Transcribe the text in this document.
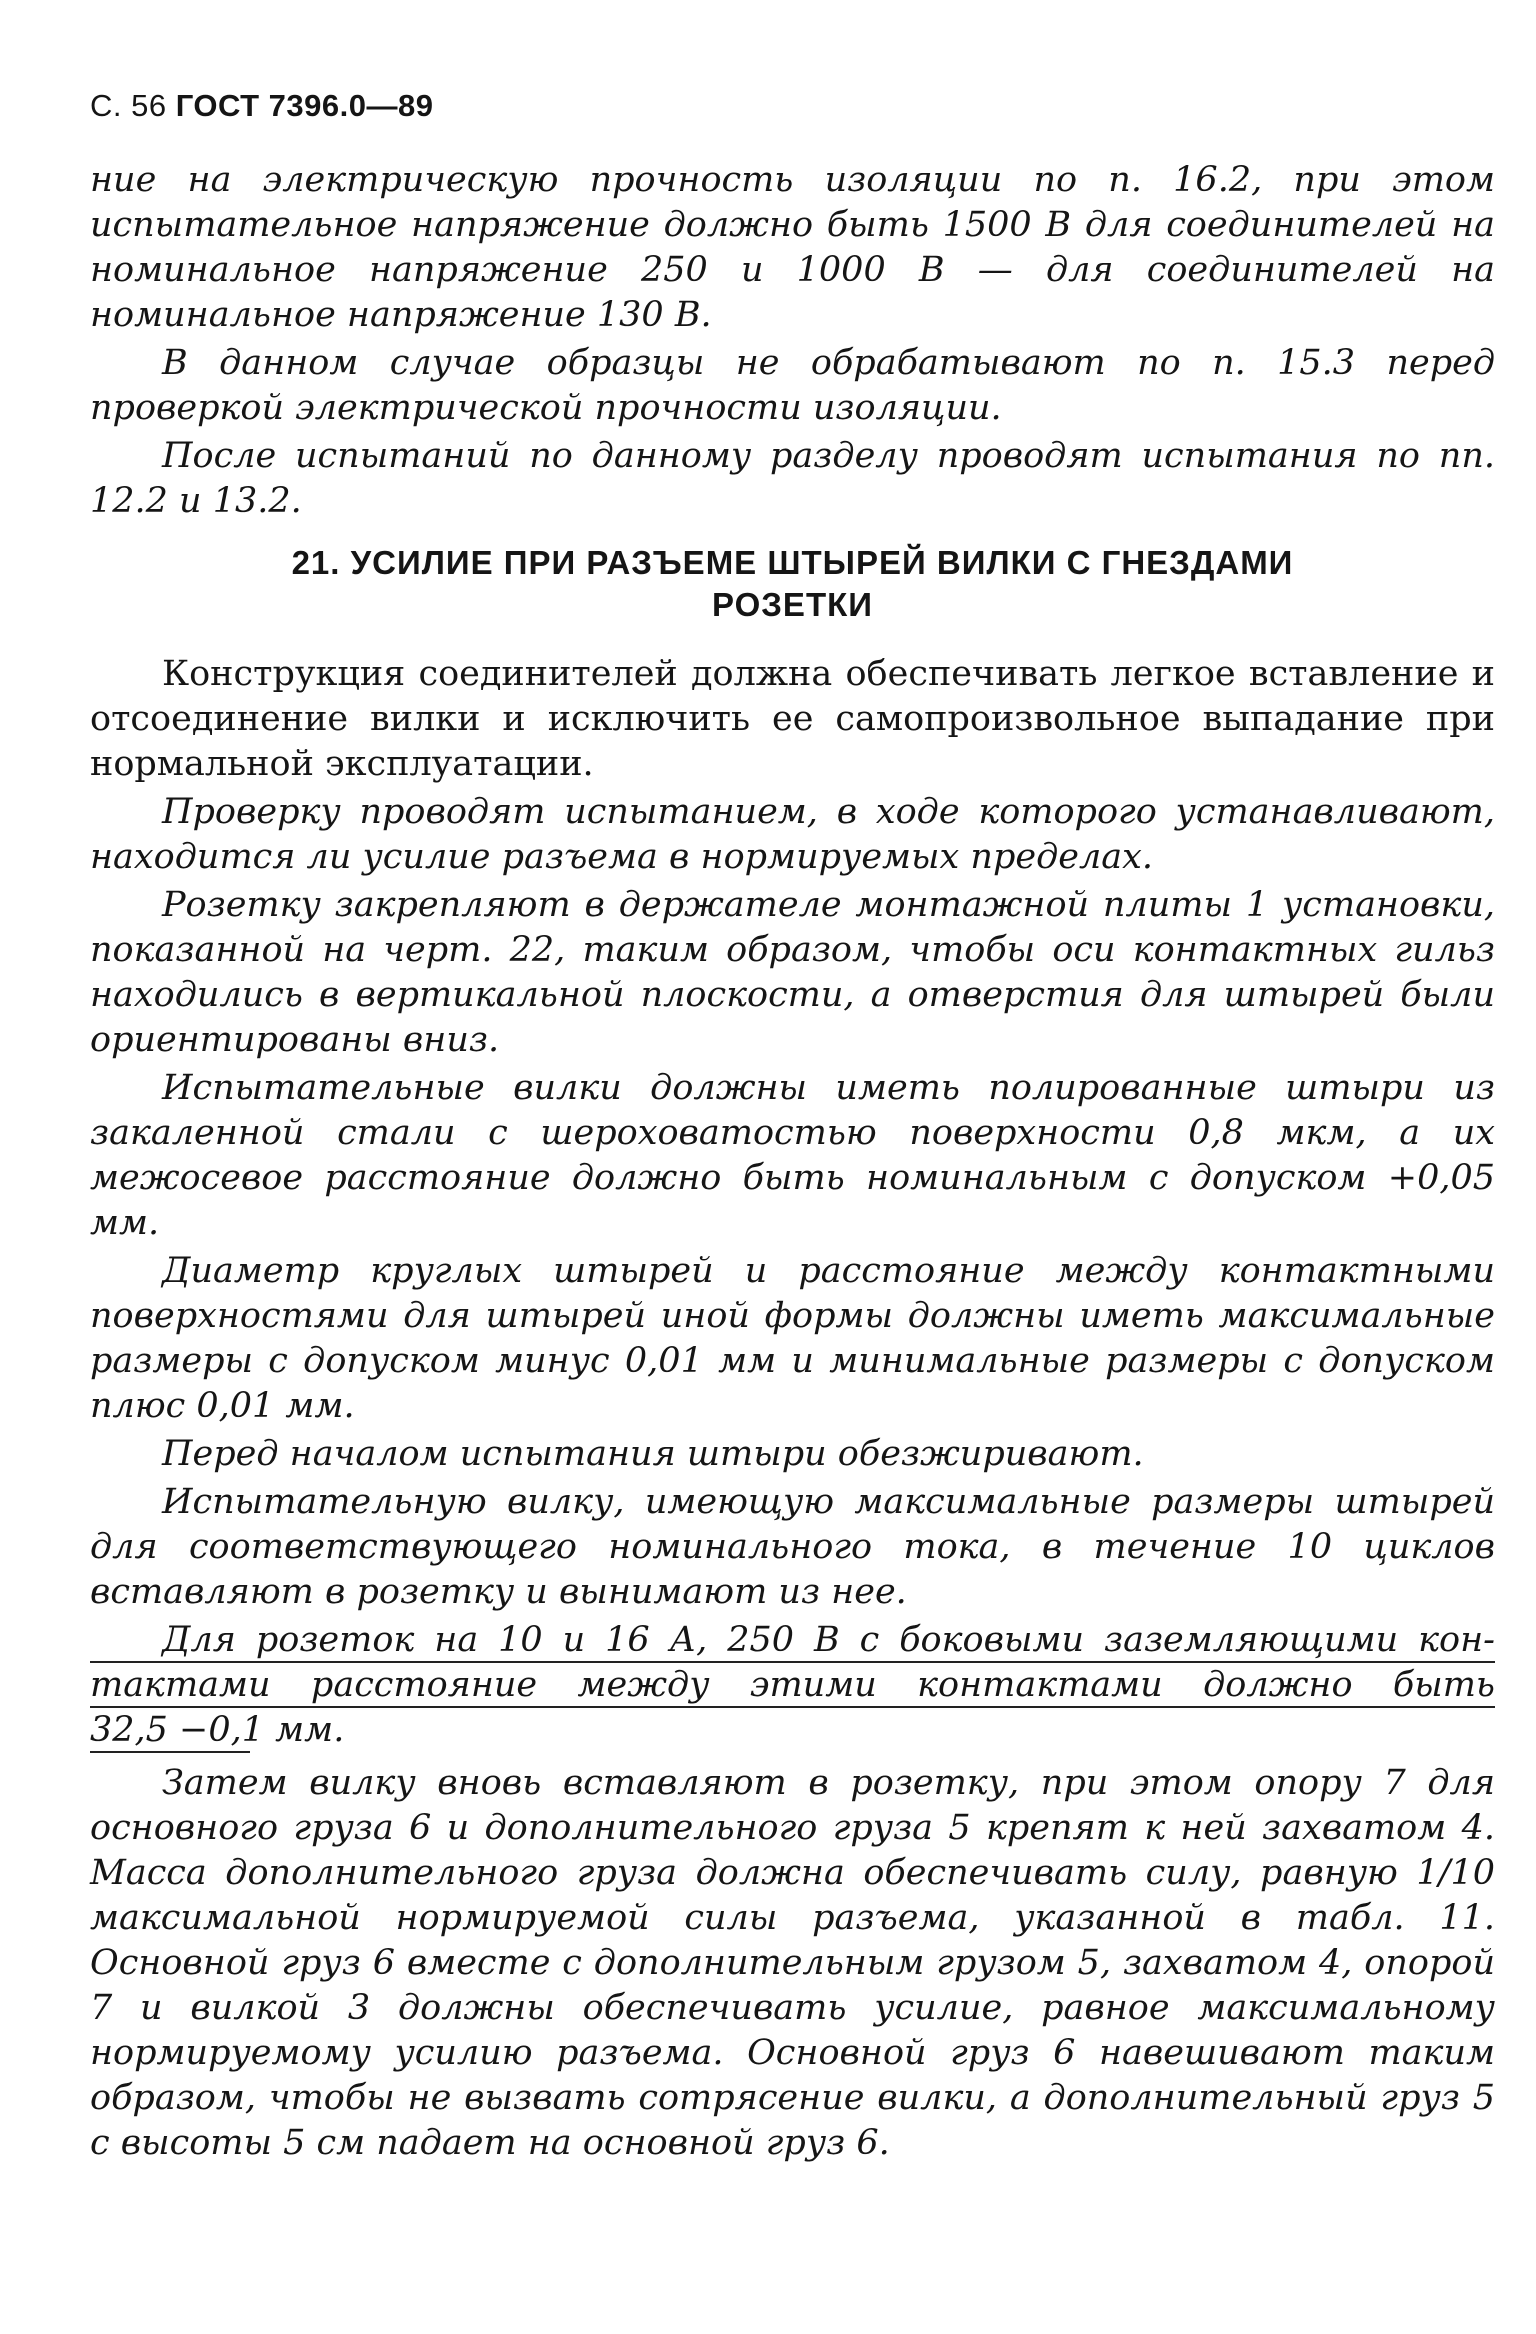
С. 56 ГОСТ 7396.0—89

ние на электрическую прочность изоляции по п. 16.2, при этом испытательное напряжение должно быть 1500 В для соединителей на номинальное напряжение 250 и 1000 В — для соединителей на номинальное напряжение 130 В.

В данном случае образцы не обрабатывают по п. 15.3 перед проверкой электрической прочности изоляции.

После испытаний по данному разделу проводят испытания по пп. 12.2 и 13.2.

21. УСИЛИЕ ПРИ РАЗЪЕМЕ ШТЫРЕЙ ВИЛКИ С ГНЕЗДАМИ
РОЗЕТКИ

Конструкция соединителей должна обеспечивать легкое вставление и отсоединение вилки и исключить ее самопроизвольное выпадание при нормальной эксплуатации.

Проверку проводят испытанием, в ходе которого устанавливают, находится ли усилие разъема в нормируемых пределах.

Розетку закрепляют в держателе монтажной плиты 1 установки, показанной на черт. 22, таким образом, чтобы оси контактных гильз находились в вертикальной плоскости, а отверстия для штырей были ориентированы вниз.

Испытательные вилки должны иметь полированные штыри из закаленной стали с шероховатостью поверхности 0,8 мкм, а их межосевое расстояние должно быть номинальным с допуском +0,05 мм.

Диаметр круглых штырей и расстояние между контактными поверхностями для штырей иной формы должны иметь максимальные размеры с допуском минус 0,01 мм и минимальные размеры с допуском плюс 0,01 мм.

Перед началом испытания штыри обезжиривают.

Испытательную вилку, имеющую максимальные размеры штырей для соответствующего номинального тока, в течение 10 циклов вставляют в розетку и вынимают из нее.

Для розеток на 10 и 16 А, 250 В с боковыми заземляющими кон-
тактами расстояние между этими контактами должно быть
32,5 −0,1 мм.

Затем вилку вновь вставляют в розетку, при этом опору 7 для основного груза 6 и дополнительного груза 5 крепят к ней захватом 4. Масса дополнительного груза должна обеспечивать силу, равную 1/10 максимальной нормируемой силы разъема, указанной в табл. 11. Основной груз 6 вместе с дополнительным грузом 5, захватом 4, опорой 7 и вилкой 3 должны обеспечивать усилие, равное максимальному нормируемому усилию разъема. Основной груз 6 навешивают таким образом, чтобы не вызвать сотрясение вилки, а дополнительный груз 5 с высоты 5 см падает на основной груз 6.
